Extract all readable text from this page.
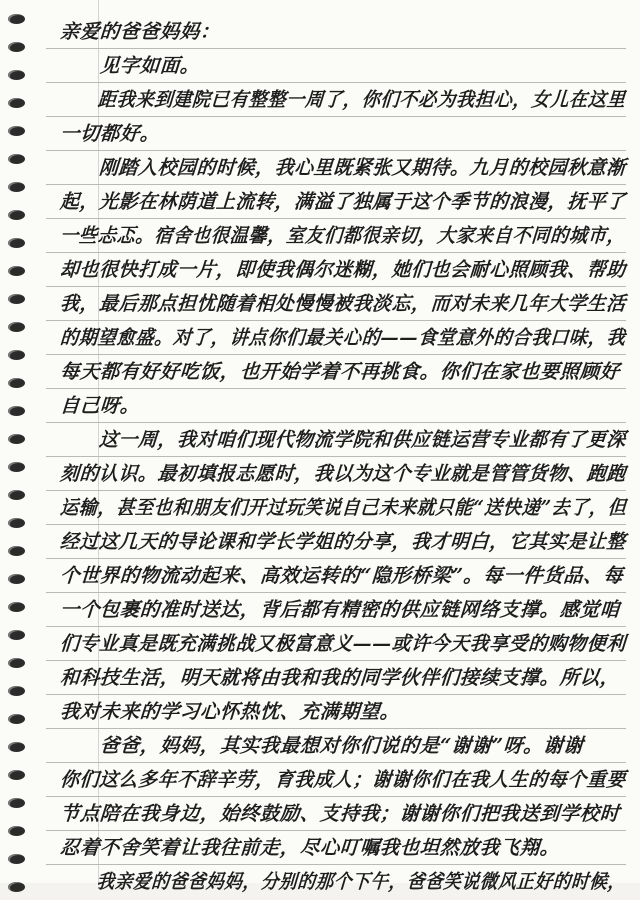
亲爱的爸爸妈妈：
　　见字如面。
　　距我来到建院已有整整一周了，你们不必为我担心，女儿在这里
一切都好。
　　刚踏入校园的时候，我心里既紧张又期待。九月的校园秋意渐
起，光影在林荫道上流转，满溢了独属于这个季节的浪漫，抚平了
一些忐忑。宿舍也很温馨，室友们都很亲切，大家来自不同的城市，
却也很快打成一片，即使我偶尔迷糊，她们也会耐心照顾我、帮助
我，最后那点担忧随着相处慢慢被我淡忘，而对未来几年大学生活
的期望愈盛。对了，讲点你们最关心的——食堂意外的合我口味，我
每天都有好好吃饭，也开始学着不再挑食。你们在家也要照顾好
自己呀。
　　这一周，我对咱们现代物流学院和供应链运营专业都有了更深
刻的认识。最初填报志愿时，我以为这个专业就是管管货物、跑跑
运输，甚至也和朋友们开过玩笑说自己未来就只能“送快递”去了，但
经过这几天的导论课和学长学姐的分享，我才明白，它其实是让整
个世界的物流动起来、高效运转的“隐形桥梁”。每一件货品、每
一个包裹的准时送达，背后都有精密的供应链网络支撑。感觉咱
们专业真是既充满挑战又极富意义——或许今天我享受的购物便利
和科技生活，明天就将由我和我的同学伙伴们接续支撑。所以，
我对未来的学习心怀热忱、充满期望。
　　爸爸，妈妈，其实我最想对你们说的是“谢谢”呀。谢谢
你们这么多年不辞辛劳，育我成人；谢谢你们在我人生的每个重要
节点陪在我身边，始终鼓励、支持我；谢谢你们把我送到学校时
忍着不舍笑着让我往前走，尽心叮嘱我也坦然放我飞翔。
　　我亲爱的爸爸妈妈，分别的那个下午，爸爸笑说微风正好的时候，
